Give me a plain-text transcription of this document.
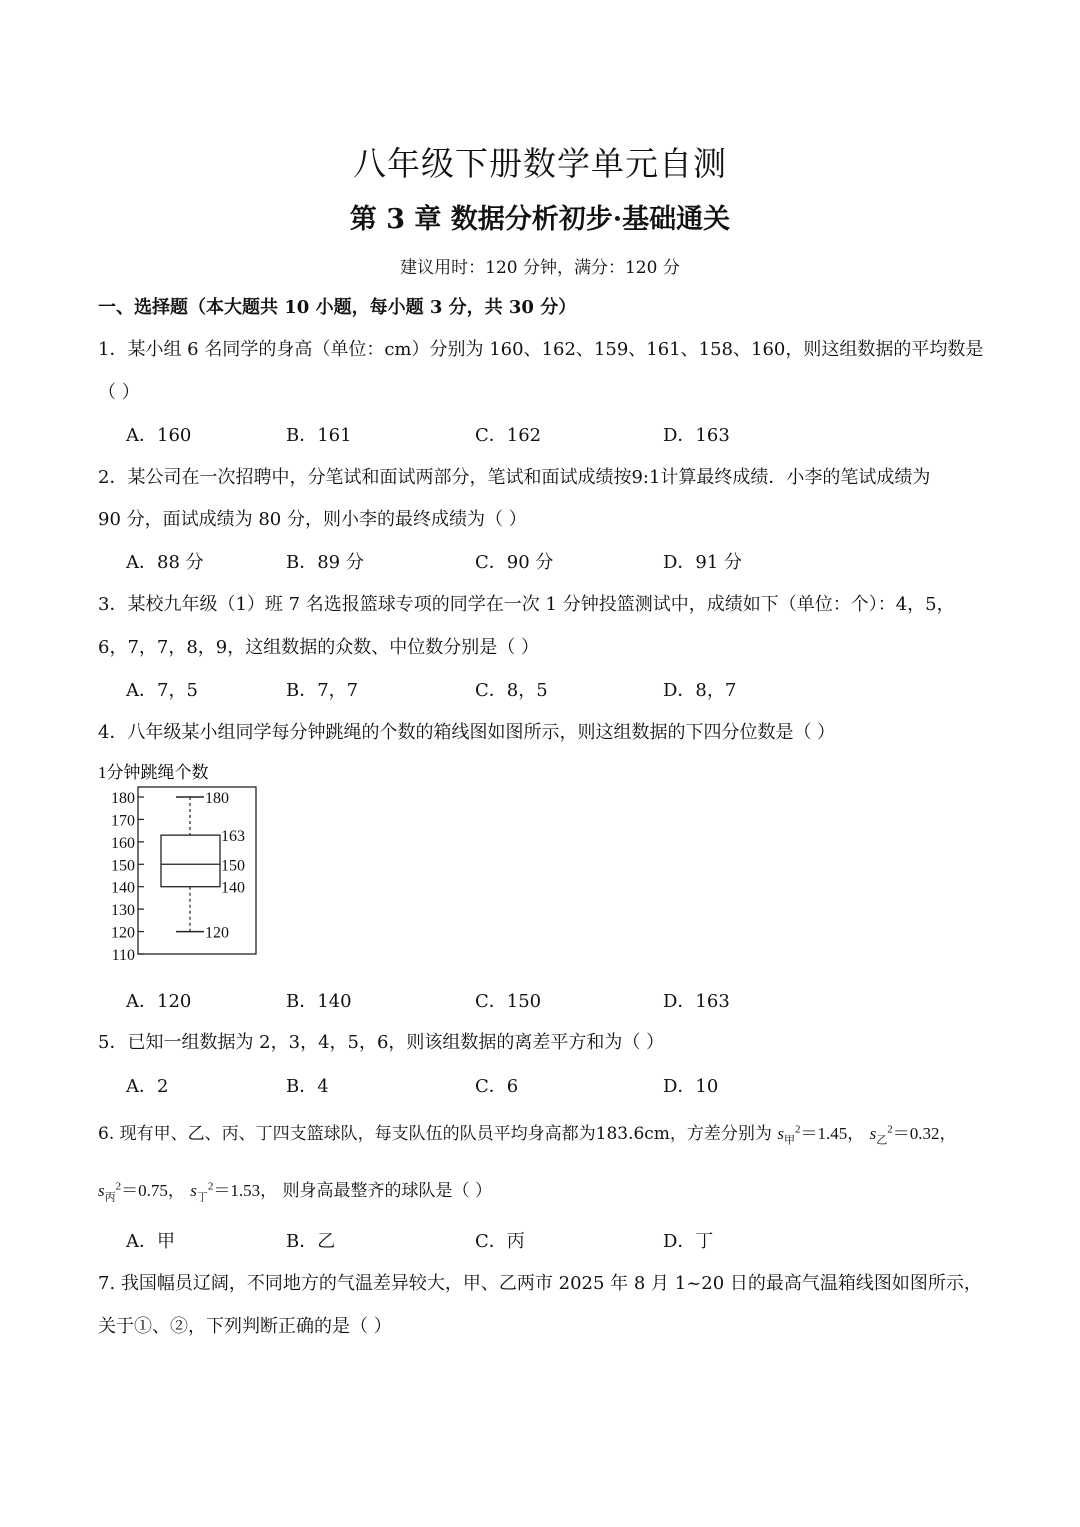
八年级下册数学单元自测
第 3 章 数据分析初步·基础通关
建议用时：120 分钟，满分：120 分
一、选择题（本大题共 10 小题，每小题 3 分，共 30 分）
1．某小组 6 名同学的身高（单位：cm）分别为 160、162、159、161、158、160，则这组数据的平均数是
（ ）
A．160	B．161	C．162	D．163
2．某公司在一次招聘中，分笔试和面试两部分，笔试和面试成绩按9:1计算最终成绩．小李的笔试成绩为
90 分，面试成绩为 80 分，则小李的最终成绩为（ ）
A．88 分	B．89 分	C．90 分	D．91 分
3．某校九年级（1）班 7 名选报篮球专项的同学在一次 1 分钟投篮测试中，成绩如下（单位：个）：4，5，
6，7，7，8，9，这组数据的众数、中位数分别是（ ）
A．7，5	B．7，7	C．8，5	D．8，7
4．八年级某小组同学每分钟跳绳的个数的箱线图如图所示，则这组数据的下四分位数是（ ）
1分钟跳绳个数
180
170
160
150
140
130
120
110
180
163
150
140
120
A．120	B．140	C．150	D．163
5．已知一组数据为 2，3，4，5，6，则该组数据的离差平方和为（ ）
A．2	B．4	C．6	D．10
6. 现有甲、乙、丙、丁四支篮球队，每支队伍的队员平均身高都为183.6cm，方差分别为 $s_甲^2=1.45$， $s_乙^2=0.32$，
$s_丙^2=0.75$， $s_丁^2=1.53$， 则身高最整齐的球队是（ ）
A．甲	B．乙	C．丙	D．丁
7. 我国幅员辽阔，不同地方的气温差异较大，甲、乙两市 2025 年 8 月 1~20 日的最高气温箱线图如图所示，
关于①、②，下列判断正确的是（ ）
